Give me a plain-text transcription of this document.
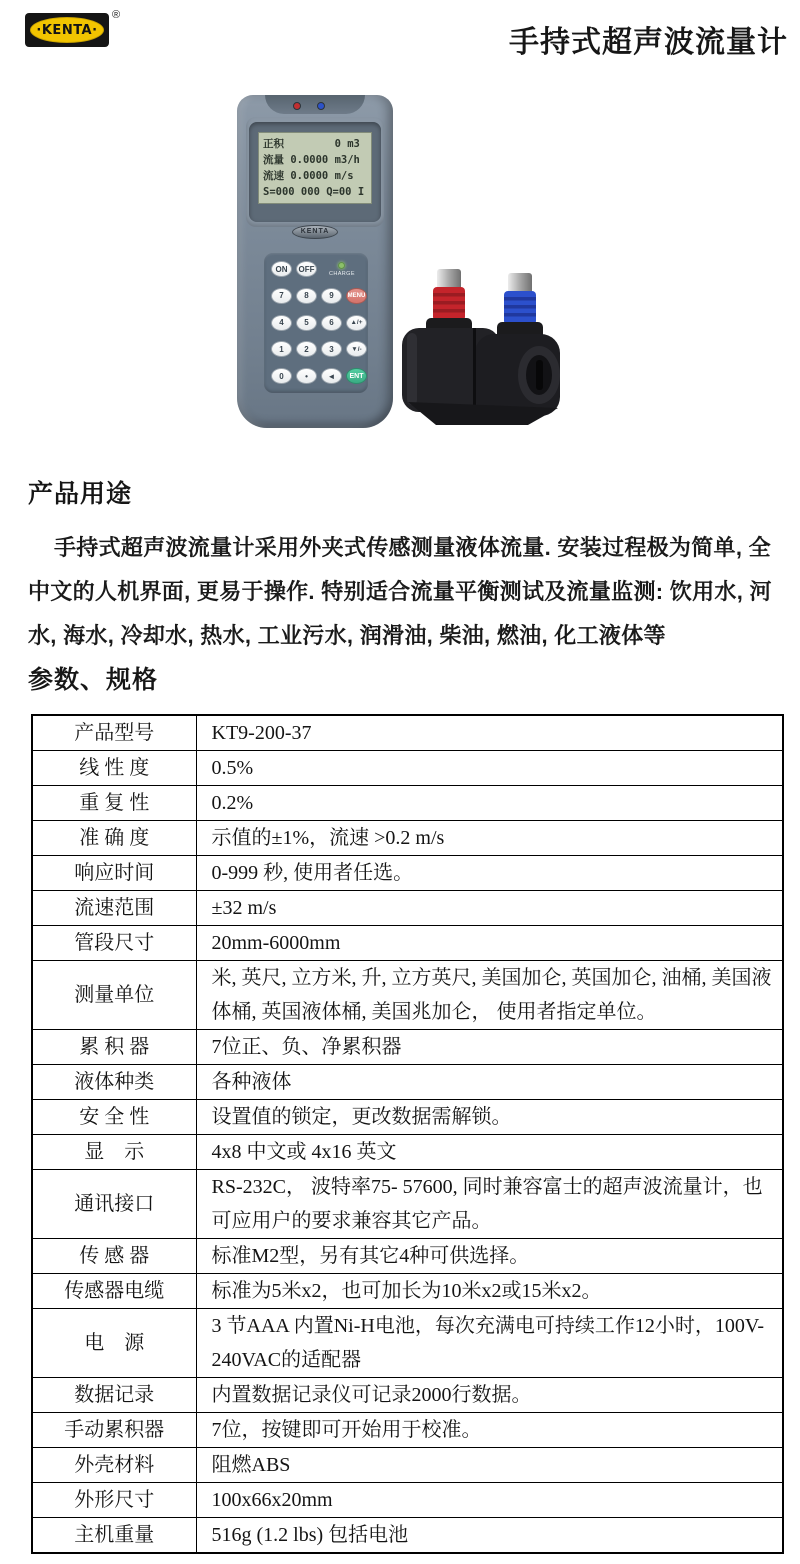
·KENTA·
®
手持式超声波流量计
正积        0 m3
流量 0.0000 m3/h
流速 0.0000 m/s
S=000 000 Q=00 I
KENTA
ON	OFF	CHARGE
7	8	9	MENU
4	5	6	▲/+
1	2	3	▼/-
0	•	◄	ENT
产品用途

手持式超声波流量计采用外夹式传感测量液体流量. 安装过程极为简单, 全中文的人机界面, 更易于操作. 特别适合流量平衡测试及流量监测: 饮用水, 河水, 海水, 冷却水, 热水, 工业污水, 润滑油, 柴油, 燃油, 化工液体等

参数、规格
产品型号	KT9-200-37
线 性 度	0.5%
重 复 性	0.2%
准 确 度	示值的±1%，流速 >0.2 m/s
响应时间	0-999 秒, 使用者任选。
流速范围	±32 m/s
管段尺寸	20mm-6000mm
测量单位	米, 英尺, 立方米, 升, 立方英尺, 美国加仑, 英国加仑, 油桶, 美国液体桶, 英国液体桶, 美国兆加仑， 使用者指定单位。
累 积 器	7位正、负、净累积器
液体种类	各种液体
安 全 性	设置值的锁定，更改数据需解锁。
显　示	4x8 中文或 4x16 英文
通讯接口	RS-232C， 波特率75- 57600, 同时兼容富士的超声波流量计，也可应用户的要求兼容其它产品。
传 感 器	标准M2型，另有其它4种可供选择。
传感器电缆	标准为5米x2，也可加长为10米x2或15米x2。
电　源	3 节AAA 内置Ni-H电池，每次充满电可持续工作12小时，100V-240VAC的适配器
数据记录	内置数据记录仪可记录2000行数据。
手动累积器	7位，按键即可开始用于校准。
外壳材料	阻燃ABS
外形尺寸	100x66x20mm
主机重量	516g (1.2 lbs) 包括电池
